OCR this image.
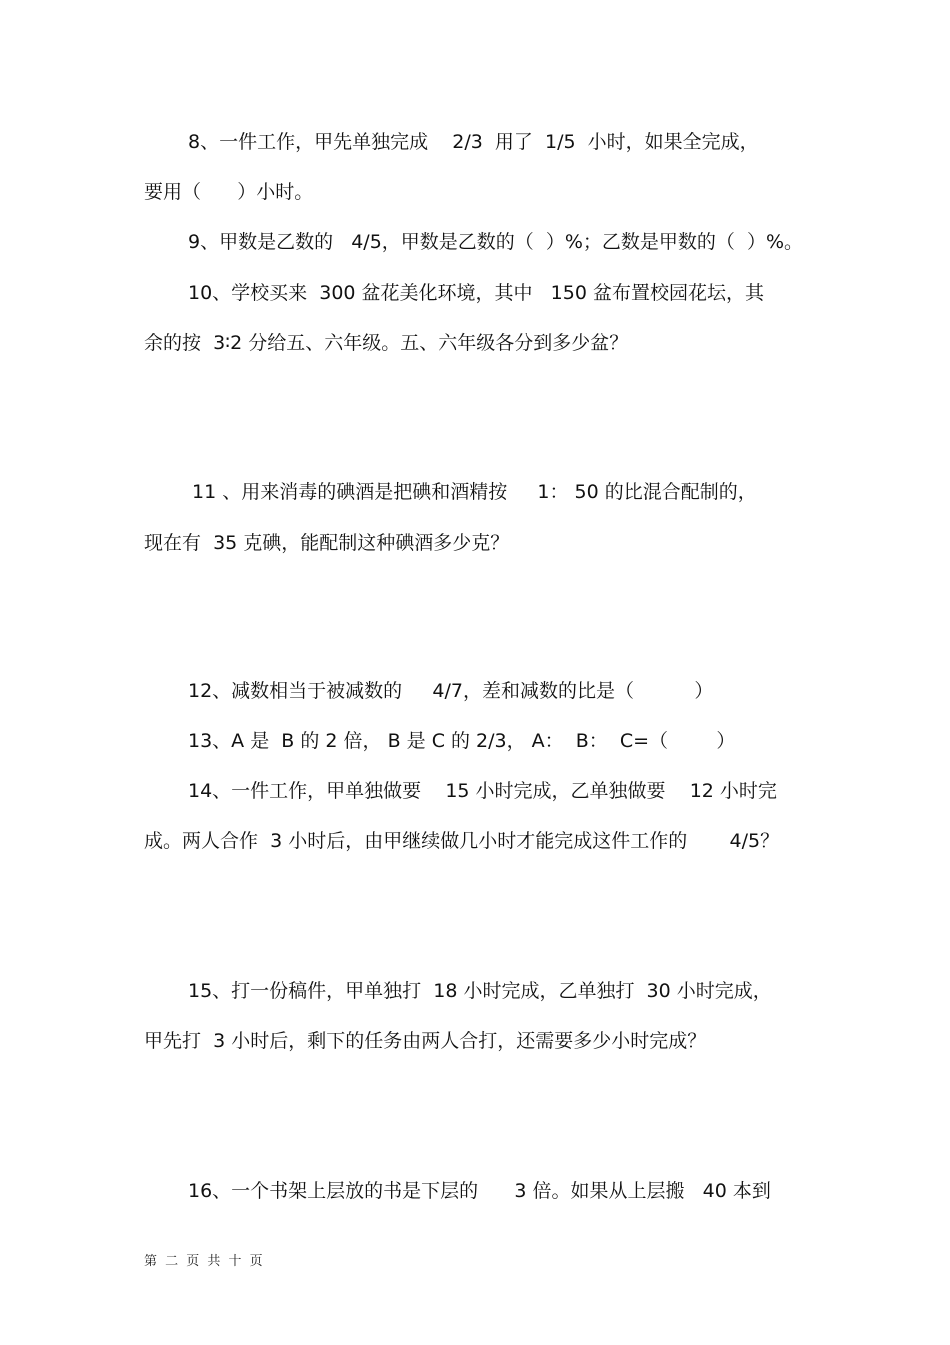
8、一件工作，甲先单独完成    2/3  用了  1/5  小时，如果全完成，
要用（      ）小时。
9、甲数是乙数的   4/5，甲数是乙数的（  ）%；乙数是甲数的（  ）%。
10、学校买来  300 盆花美化环境，其中   150 盆布置校园花坛，其
余的按  3∶2 分给五、六年级。五、六年级各分到多少盆？
11 、用来消毒的碘酒是把碘和酒精按     1： 50 的比混合配制的，
现在有  35 克碘，能配制这种碘酒多少克？
12、减数相当于被减数的     4/7，差和减数的比是（          ）
13、A 是  B 的 2 倍， B 是 C 的 2/3， A：  B：  C=（        ）
14、一件工作，甲单独做要    15 小时完成，乙单独做要    12 小时完
成。两人合作  3 小时后，由甲继续做几小时才能完成这件工作的       4/5？
15、打一份稿件，甲单独打  18 小时完成，乙单独打  30 小时完成，
甲先打  3 小时后，剩下的任务由两人合打，还需要多少小时完成？
16、一个书架上层放的书是下层的      3 倍。如果从上层搬   40 本到
第 二 页 共 十 页
